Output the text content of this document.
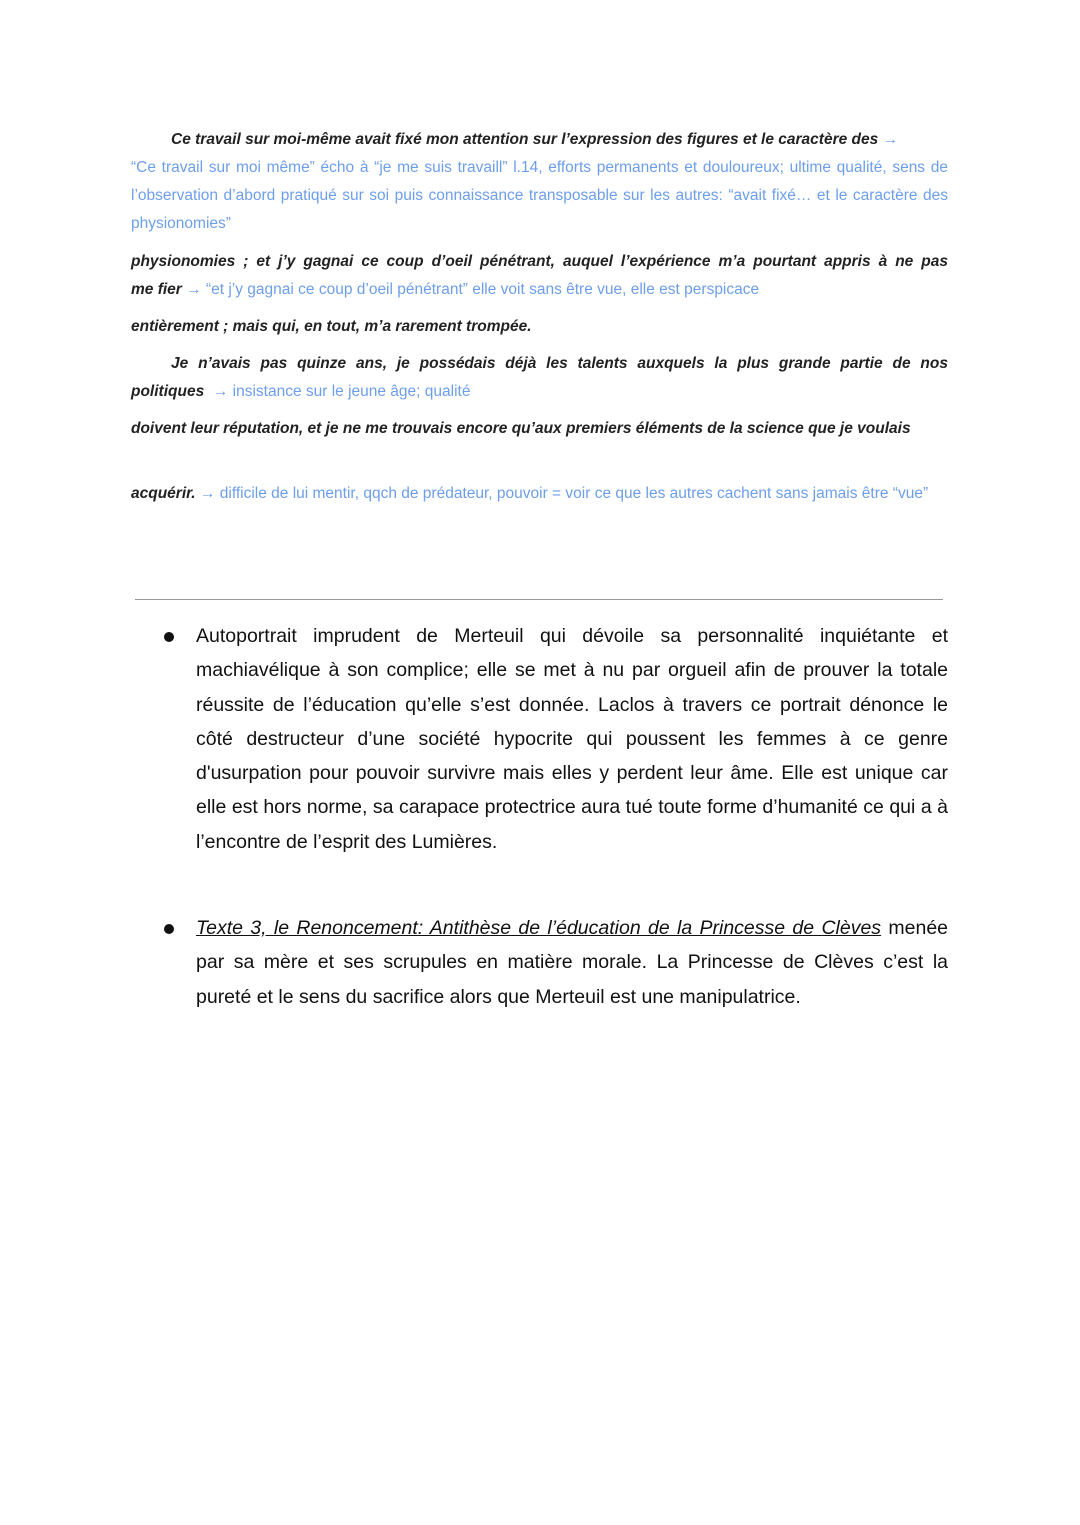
Ce travail sur moi-même avait fixé mon attention sur l’expression des figures et le caractère des →

“Ce travail sur moi même” écho à “je me suis travaill” l.14, efforts permanents et douloureux; ultime qualité, sens de l’observation d’abord pratiqué sur soi puis connaissance transposable sur les autres: “avait fixé… et le caractère des physionomies”

physionomies ; et j’y gagnai ce coup d’oeil pénétrant, auquel l’expérience m’a pourtant appris à ne pas

me fier → “et j’y gagnai ce coup d’oeil pénétrant” elle voit sans être vue, elle est perspicace

entièrement ; mais qui, en tout, m’a rarement trompée.

Je n’avais pas quinze ans, je possédais déjà les talents auxquels la plus grande partie de nos

politiques → insistance sur le jeune âge; qualité

doivent leur réputation, et je ne me trouvais encore qu’aux premiers éléments de la science que je voulais

acquérir. → difficile de lui mentir, qqch de prédateur, pouvoir = voir ce que les autres cachent sans jamais être “vue”

Autoportrait imprudent de Merteuil qui dévoile sa personnalité inquiétante et machiavélique à son complice; elle se met à nu par orgueil afin de prouver la totale réussite de l’éducation qu’elle s’est donnée. Laclos à travers ce portrait dénonce le côté destructeur d’une société hypocrite qui poussent les femmes à ce genre d'usurpation pour pouvoir survivre mais elles y perdent leur âme. Elle est unique car elle est hors norme, sa carapace protectrice aura tué toute forme d’humanité ce qui a à l’encontre de l’esprit des Lumières.

Texte 3, le Renoncement: Antithèse de l’éducation de la Princesse de Clèves menée par sa mère et ses scrupules en matière morale. La Princesse de Clèves c’est la pureté et le sens du sacrifice alors que Merteuil est une manipulatrice.
